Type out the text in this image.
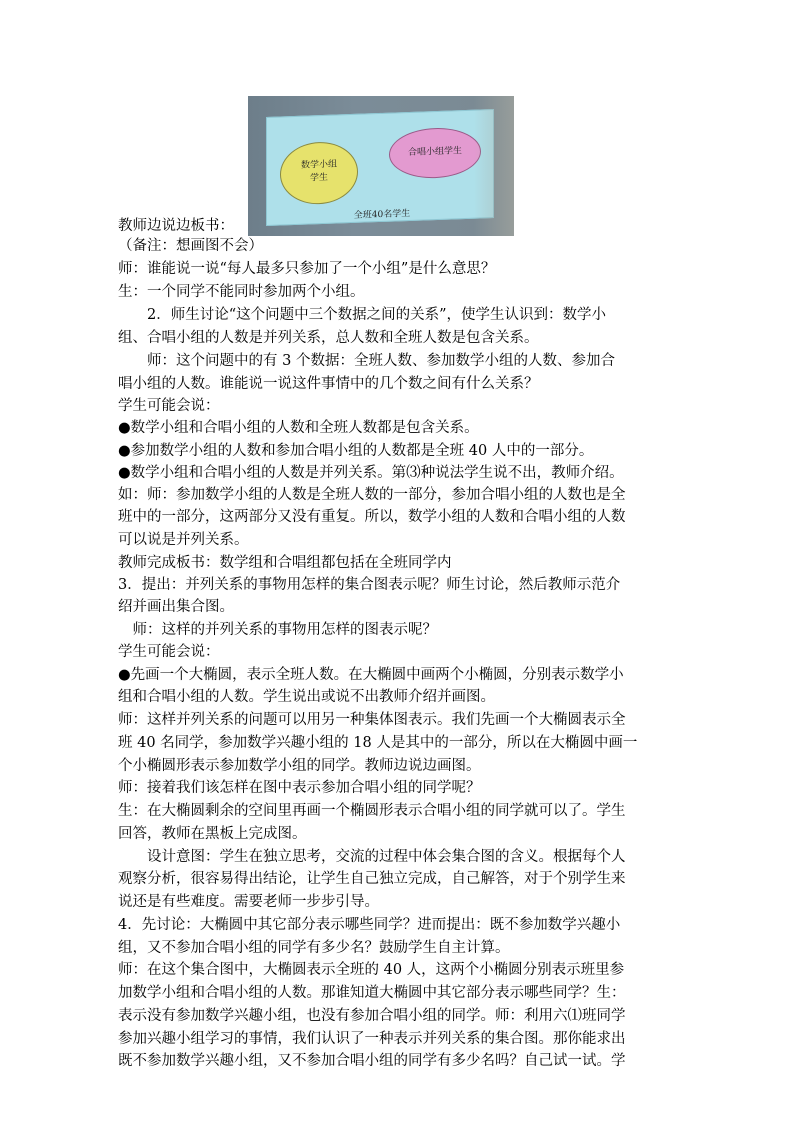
数学小组
学生
合唱小组学生
全班40名学生
教师边说边板书：
（备注：想画图不会）
师：谁能说一说“每人最多只参加了一个小组”是什么意思？
生：一个同学不能同时参加两个小组。
　　2．师生讨论“这个问题中三个数据之间的关系”，使学生认识到：数学小
组、合唱小组的人数是并列关系，总人数和全班人数是包含关系。
　　师：这个问题中的有 3 个数据：全班人数、参加数学小组的人数、参加合
唱小组的人数。谁能说一说这件事情中的几个数之间有什么关系？
学生可能会说：
●数学小组和合唱小组的人数和全班人数都是包含关系。
●参加数学小组的人数和参加合唱小组的人数都是全班 40 人中的一部分。
●数学小组和合唱小组的人数是并列关系。第⑶种说法学生说不出，教师介绍。
如：师：参加数学小组的人数是全班人数的一部分，参加合唱小组的人数也是全
班中的一部分，这两部分又没有重复。所以，数学小组的人数和合唱小组的人数
可以说是并列关系。
教师完成板书：数学组和合唱组都包括在全班同学内
3．提出：并列关系的事物用怎样的集合图表示呢？师生讨论，然后教师示范介
绍并画出集合图。
　师：这样的并列关系的事物用怎样的图表示呢？
学生可能会说：
●先画一个大椭圆，表示全班人数。在大椭圆中画两个小椭圆，分别表示数学小
组和合唱小组的人数。学生说出或说不出教师介绍并画图。
师：这样并列关系的问题可以用另一种集体图表示。我们先画一个大椭圆表示全
班 40 名同学，参加数学兴趣小组的 18 人是其中的一部分，所以在大椭圆中画一
个小椭圆形表示参加数学小组的同学。教师边说边画图。
师：接着我们该怎样在图中表示参加合唱小组的同学呢？
生：在大椭圆剩余的空间里再画一个椭圆形表示合唱小组的同学就可以了。学生
回答，教师在黑板上完成图。
　　设计意图：学生在独立思考，交流的过程中体会集合图的含义。根据每个人
观察分析，很容易得出结论，让学生自己独立完成，自己解答，对于个别学生来
说还是有些难度。需要老师一步步引导。
4．先讨论：大椭圆中其它部分表示哪些同学？进而提出：既不参加数学兴趣小
组，又不参加合唱小组的同学有多少名？鼓励学生自主计算。
师：在这个集合图中，大椭圆表示全班的 40 人，这两个小椭圆分别表示班里参
加数学小组和合唱小组的人数。那谁知道大椭圆中其它部分表示哪些同学？生：
表示没有参加数学兴趣小组，也没有参加合唱小组的同学。师：利用六⑴班同学
参加兴趣小组学习的事情，我们认识了一种表示并列关系的集合图。那你能求出
既不参加数学兴趣小组，又不参加合唱小组的同学有多少名吗？自己试一试。学
